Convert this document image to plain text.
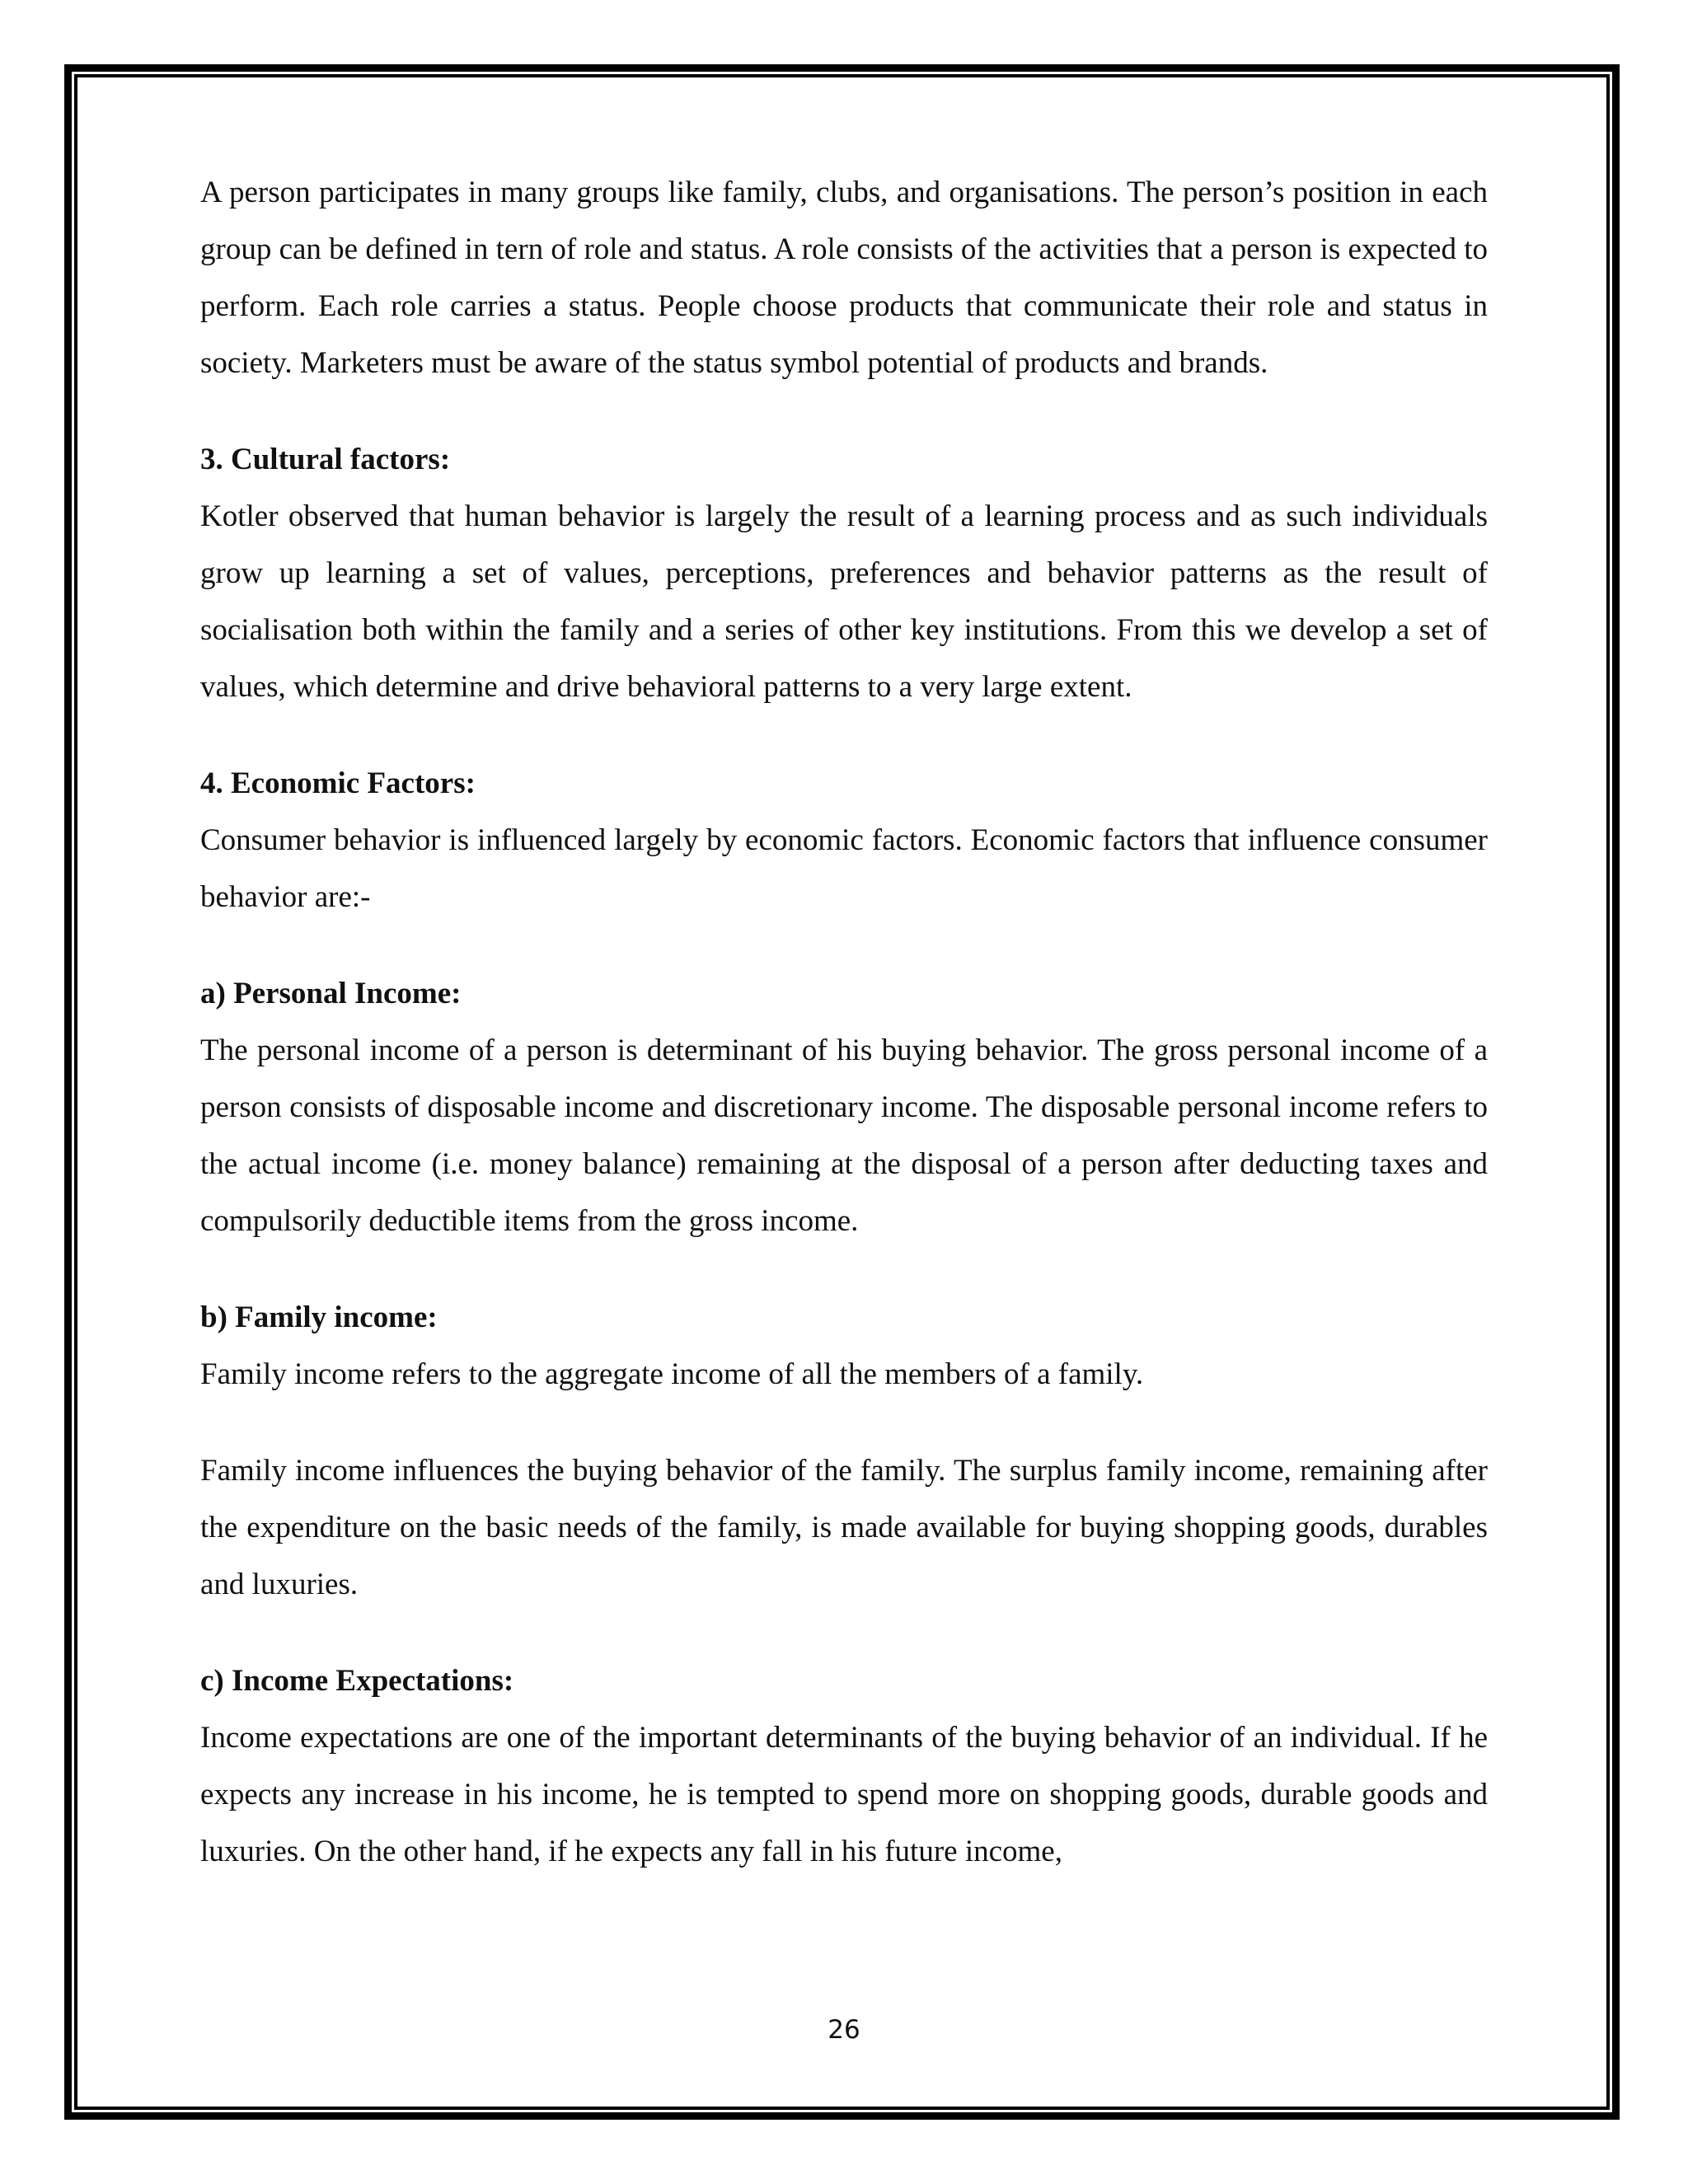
A person participates in many groups like family, clubs, and organisations. The person’s position in each group can be defined in tern of role and status. A role consists of the activities that a person is expected to perform. Each role carries a status. People choose products that communicate their role and status in society. Marketers must be aware of the status symbol potential of products and brands.

3. Cultural factors:

Kotler observed that human behavior is largely the result of a learning process and as such individuals grow up learning a set of values, perceptions, preferences and behavior patterns as the result of socialisation both within the family and a series of other key institutions. From this we develop a set of values, which determine and drive behavioral patterns to a very large extent.

4. Economic Factors:

Consumer behavior is influenced largely by economic factors. Economic factors that influence consumer behavior are:-

a) Personal Income:

The personal income of a person is determinant of his buying behavior. The gross personal income of a person consists of disposable income and discretionary income. The disposable personal income refers to the actual income (i.e. money balance) remaining at the disposal of a person after deducting taxes and compulsorily deductible items from the gross income.

b) Family income:

Family income refers to the aggregate income of all the members of a family.

Family income influences the buying behavior of the family. The surplus family income, remaining after the expenditure on the basic needs of the family, is made available for buying shopping goods, durables and luxuries.

c) Income Expectations:

Income expectations are one of the important determinants of the buying behavior of an individual. If he expects any increase in his income, he is tempted to spend more on shopping goods, durable goods and luxuries. On the other hand, if he expects any fall in his future income,

26
